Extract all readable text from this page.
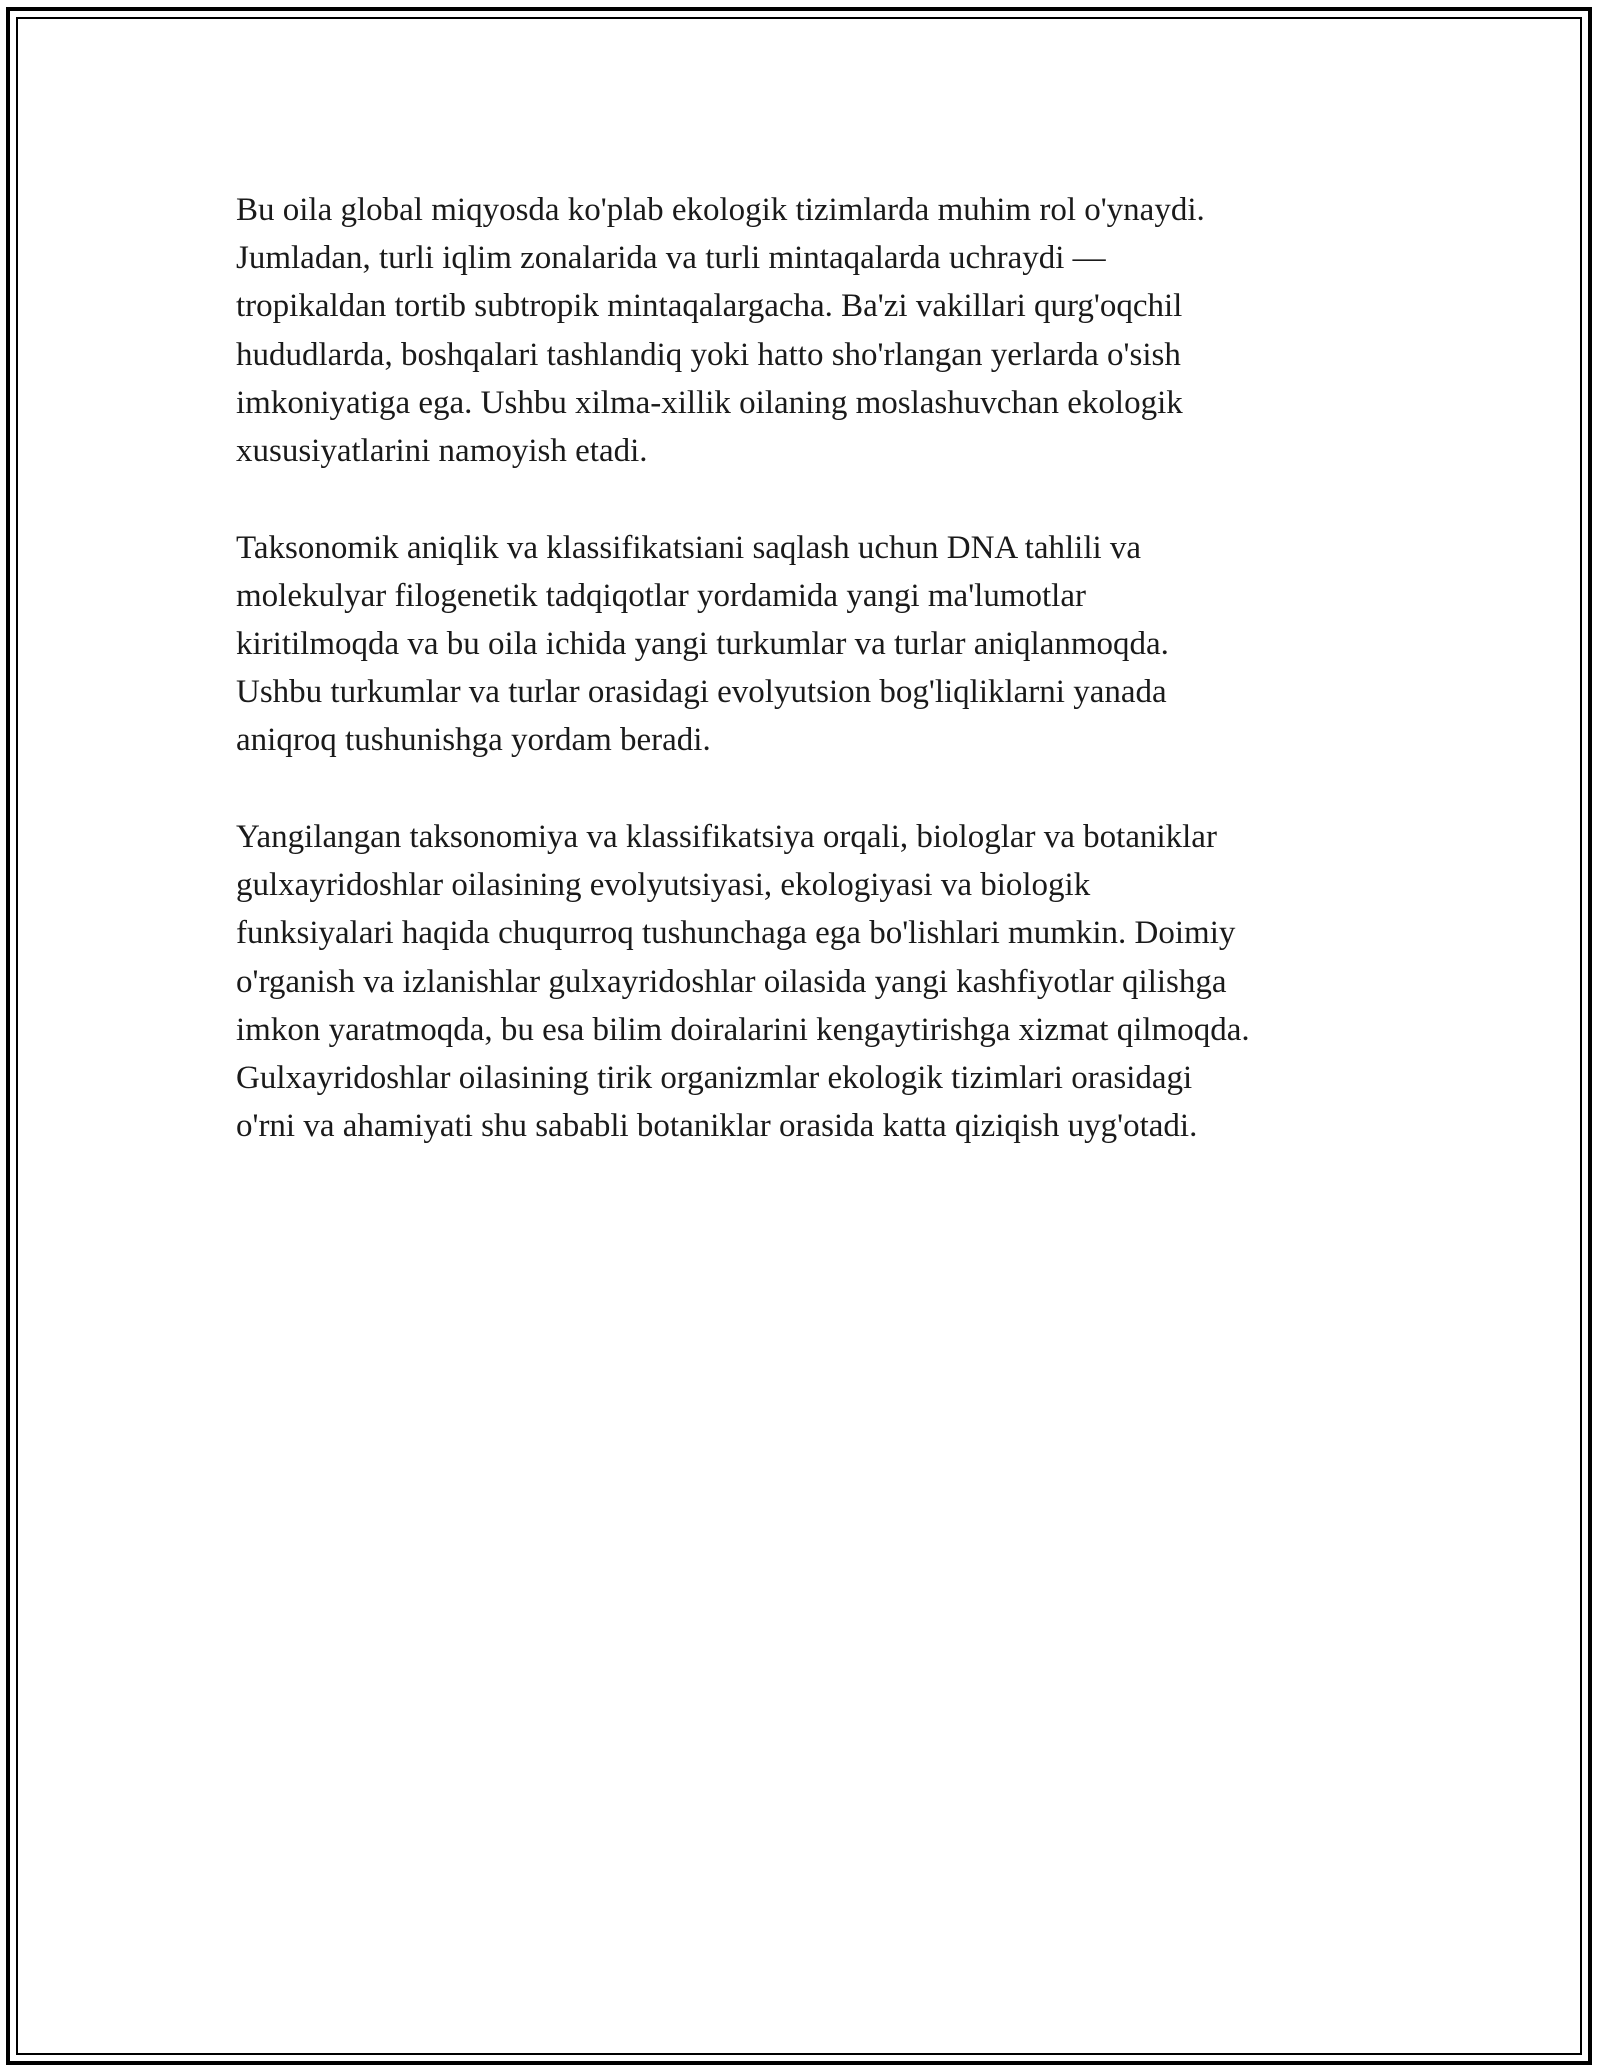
Bu oila global miqyosda ko'plab ekologik tizimlarda muhim rol o'ynaydi.
Jumladan, turli iqlim zonalarida va turli mintaqalarda uchraydi —
tropikaldan tortib subtropik mintaqalargacha. Ba'zi vakillari qurg'oqchil
hududlarda, boshqalari tashlandiq yoki hatto sho'rlangan yerlarda o'sish
imkoniyatiga ega. Ushbu xilma-xillik oilaning moslashuvchan ekologik
xususiyatlarini namoyish etadi.

Taksonomik aniqlik va klassifikatsiani saqlash uchun DNA tahlili va
molekulyar filogenetik tadqiqotlar yordamida yangi ma'lumotlar
kiritilmoqda va bu oila ichida yangi turkumlar va turlar aniqlanmoqda.
Ushbu turkumlar va turlar orasidagi evolyutsion bog'liqliklarni yanada
aniqroq tushunishga yordam beradi.

Yangilangan taksonomiya va klassifikatsiya orqali, biologlar va botaniklar
gulxayridoshlar oilasining evolyutsiyasi, ekologiyasi va biologik
funksiyalari haqida chuqurroq tushunchaga ega bo'lishlari mumkin. Doimiy
o'rganish va izlanishlar gulxayridoshlar oilasida yangi kashfiyotlar qilishga
imkon yaratmoqda, bu esa bilim doiralarini kengaytirishga xizmat qilmoqda.
Gulxayridoshlar oilasining tirik organizmlar ekologik tizimlari orasidagi
o'rni va ahamiyati shu sababli botaniklar orasida katta qiziqish uyg'otadi.
